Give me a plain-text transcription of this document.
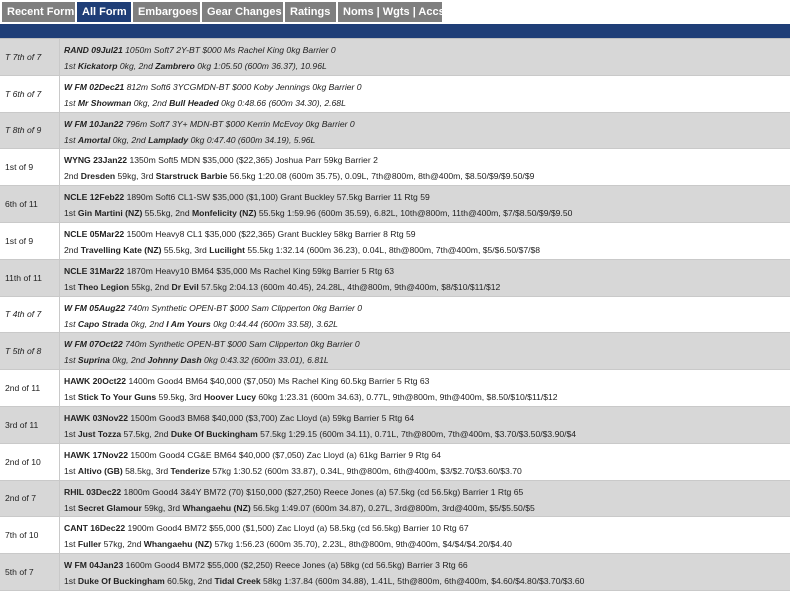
Recent Form All Form	Embargoes Gear Changes Ratings	Noms | Wgts | Accs
T 7th of 7
RAND 09Jul21 1050m Soft7 2Y-BT $000 Ms Rachel King 0kg Barrier 0
1st Kickatorp 0kg, 2nd Zambrero 0kg 1:05.50 (600m 36.37), 10.96L
T 6th of 7
W FM 02Dec21 812m Soft6 3YCGMDN-BT $000 Koby Jennings 0kg Barrier 0
1st Mr Showman 0kg, 2nd Bull Headed 0kg 0:48.66 (600m 34.30), 2.68L
T 8th of 9
W FM 10Jan22 796m Soft7 3Y+ MDN-BT $000 Kerrin McEvoy 0kg Barrier 0
1st Amortal 0kg, 2nd Lamplady 0kg 0:47.40 (600m 34.19), 5.96L
1st of 9
WYNG 23Jan22 1350m Soft5 MDN $35,000 ($22,365) Joshua Parr 59kg Barrier 2
2nd Dresden 59kg, 3rd Starstruck Barbie 56.5kg 1:20.08 (600m 35.75), 0.09L, 7th@800m, 8th@400m, $8.50/$9/$9.50/$9
6th of 11
NCLE 12Feb22 1890m Soft6 CL1-SW $35,000 ($1,100) Grant Buckley 57.5kg Barrier 11 Rtg 59
1st Gin Martini (NZ) 55.5kg, 2nd Monfelicity (NZ) 55.5kg 1:59.96 (600m 35.59), 6.82L, 10th@800m, 11th@400m, $7/$8.50/$9/$9.50
1st of 9
NCLE 05Mar22 1500m Heavy8 CL1 $35,000 ($22,365) Grant Buckley 58kg Barrier 8 Rtg 59
2nd Travelling Kate (NZ) 55.5kg, 3rd Lucilight 55.5kg 1:32.14 (600m 36.23), 0.04L, 8th@800m, 7th@400m, $5/$6.50/$7/$8
11th of 11
NCLE 31Mar22 1870m Heavy10 BM64 $35,000 Ms Rachel King 59kg Barrier 5 Rtg 63
1st Theo Legion 55kg, 2nd Dr Evil 57.5kg 2:04.13 (600m 40.45), 24.28L, 4th@800m, 9th@400m, $8/$10/$11/$12
T 4th of 7
W FM 05Aug22 740m Synthetic OPEN-BT $000 Sam Clipperton 0kg Barrier 0
1st Capo Strada 0kg, 2nd I Am Yours 0kg 0:44.44 (600m 33.58), 3.62L
T 5th of 8
W FM 07Oct22 740m Synthetic OPEN-BT $000 Sam Clipperton 0kg Barrier 0
1st Suprina 0kg, 2nd Johnny Dash 0kg 0:43.32 (600m 33.01), 6.81L
2nd of 11
HAWK 20Oct22 1400m Good4 BM64 $40,000 ($7,050) Ms Rachel King 60.5kg Barrier 5 Rtg 63
1st Stick To Your Guns 59.5kg, 3rd Hoover Lucy 60kg 1:23.31 (600m 34.63), 0.77L, 9th@800m, 9th@400m, $8.50/$10/$11/$12
3rd of 11
HAWK 03Nov22 1500m Good3 BM68 $40,000 ($3,700) Zac Lloyd (a) 59kg Barrier 5 Rtg 64
1st Just Tozza 57.5kg, 2nd Duke Of Buckingham 57.5kg 1:29.15 (600m 34.11), 0.71L, 7th@800m, 7th@400m, $3.70/$3.50/$3.90/$4
2nd of 10
HAWK 17Nov22 1500m Good4 CG&E BM64 $40,000 ($7,050) Zac Lloyd (a) 61kg Barrier 9 Rtg 64
1st Altivo (GB) 58.5kg, 3rd Tenderize 57kg 1:30.52 (600m 33.87), 0.34L, 9th@800m, 6th@400m, $3/$2.70/$3.60/$3.70
2nd of 7
RHIL 03Dec22 1800m Good4 3&4Y BM72 (70) $150,000 ($27,250) Reece Jones (a) 57.5kg (cd 56.5kg) Barrier 1 Rtg 65
1st Secret Glamour 59kg, 3rd Whangaehu (NZ) 56.5kg 1:49.07 (600m 34.87), 0.27L, 3rd@800m, 3rd@400m, $5/$5.50/$5
7th of 10
CANT 16Dec22 1900m Good4 BM72 $55,000 ($1,500) Zac Lloyd (a) 58.5kg (cd 56.5kg) Barrier 10 Rtg 67
1st Fuller 57kg, 2nd Whangaehu (NZ) 57kg 1:56.23 (600m 35.70), 2.23L, 8th@800m, 9th@400m, $4/$4/$4.20/$4.40
5th of 7
W FM 04Jan23 1600m Good4 BM72 $55,000 ($2,250) Reece Jones (a) 58kg (cd 56.5kg) Barrier 3 Rtg 66
1st Duke Of Buckingham 60.5kg, 2nd Tidal Creek 58kg 1:37.84 (600m 34.88), 1.41L, 5th@800m, 6th@400m, $4.60/$4.80/$3.70/$3.60
